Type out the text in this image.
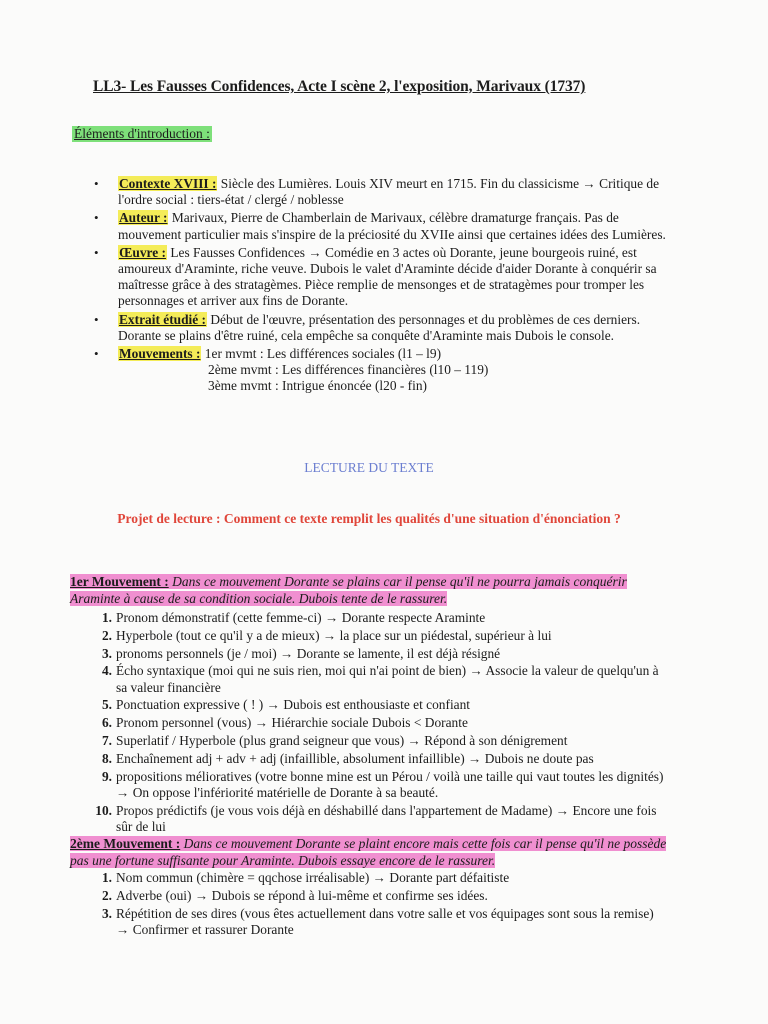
LL3- Les Fausses Confidences, Acte I scène 2, l'exposition, Marivaux (1737)
Éléments d'introduction :
• Contexte XVIII : Siècle des Lumières. Louis XIV meurt en 1715. Fin du classicisme → Critique de l'ordre social : tiers-état / clergé / noblesse
• Auteur : Marivaux, Pierre de Chamberlain de Marivaux, célèbre dramaturge français. Pas de mouvement particulier mais s'inspire de la préciosité du XVIIe ainsi que certaines idées des Lumières.
• Œuvre : Les Fausses Confidences → Comédie en 3 actes où Dorante, jeune bourgeois ruiné, est amoureux d'Araminte, riche veuve. Dubois le valet d'Araminte décide d'aider Dorante à conquérir sa maîtresse grâce à des stratagèmes. Pièce remplie de mensonges et de stratagèmes pour tromper les personnages et arriver aux fins de Dorante.
• Extrait étudié : Début de l'œuvre, présentation des personnages et du problèmes de ces derniers. Dorante se plains d'être ruiné, cela empêche sa conquête d'Araminte mais Dubois le console.
• Mouvements : 1er mvmt : Les différences sociales (l1 – l9)
2ème mvmt : Les différences financières (l10 – 119)
3ème mvmt : Intrigue énoncée (l20 - fin)
LECTURE DU TEXTE
Projet de lecture : Comment ce texte remplit les qualités d'une situation d'énonciation ?
1er Mouvement : Dans ce mouvement Dorante se plains car il pense qu'il ne pourra jamais conquérir Araminte à cause de sa condition sociale. Dubois tente de le rassurer.
1. Pronom démonstratif (cette femme-ci) → Dorante respecte Araminte
2. Hyperbole (tout ce qu'il y a de mieux) → la place sur un piédestal, supérieur à lui
3. pronoms personnels (je / moi) → Dorante se lamente, il est déjà résigné
4. Écho syntaxique (moi qui ne suis rien, moi qui n'ai point de bien) → Associe la valeur de quelqu'un à sa valeur financière
5. Ponctuation expressive ( ! ) → Dubois est enthousiaste et confiant
6. Pronom personnel (vous) → Hiérarchie sociale Dubois < Dorante
7. Superlatif / Hyperbole (plus grand seigneur que vous) → Répond à son dénigrement
8. Enchaînement adj + adv + adj (infaillible, absolument infaillible) → Dubois ne doute pas
9. propositions mélioratives (votre bonne mine est un Pérou / voilà une taille qui vaut toutes les dignités) → On oppose l'infériorité matérielle de Dorante à sa beauté.
10. Propos prédictifs (je vous vois déjà en déshabillé dans l'appartement de Madame) → Encore une fois sûr de lui
2ème Mouvement : Dans ce mouvement Dorante se plaint encore mais cette fois car il pense qu'il ne possède pas une fortune suffisante pour Araminte. Dubois essaye encore de le rassurer.
1. Nom commun (chimère = qqchose irréalisable) → Dorante part défaitiste
2. Adverbe (oui) → Dubois se répond à lui-même et confirme ses idées.
3. Répétition de ses dires (vous êtes actuellement dans votre salle et vos équipages sont sous la remise) → Confirmer et rassurer Dorante
